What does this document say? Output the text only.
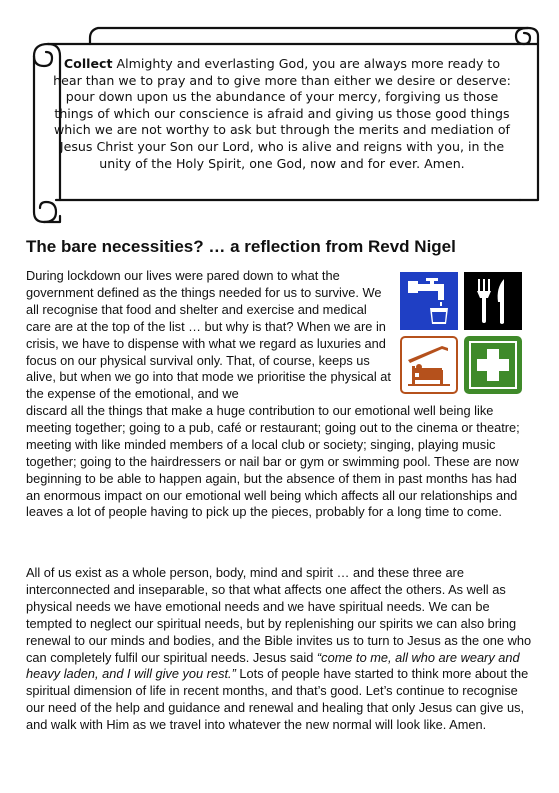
Collect Almighty and everlasting God, you are always more ready to hear than we to pray and to give more than either we desire or deserve: pour down upon us the abundance of your mercy, forgiving us those things of which our conscience is afraid and giving us those good things which we are not worthy to ask but through the merits and mediation of Jesus Christ your Son our Lord, who is alive and reigns with you, in the unity of the Holy Spirit, one God, now and for ever. Amen.

The bare necessities? … a reflection from Revd Nigel

During lockdown our lives were pared down to what the government defined as the things needed for us to survive. We all recognise that food and shelter and exercise and medical care are at the top of the list … but why is that? When we are in crisis, we have to dispense with what we regard as luxuries and focus on our physical survival only. That, of course, keeps us alive, but when we go into that mode we prioritise the physical at the expense of the emotional, and we

discard all the things that make a huge contribution to our emotional well being like meeting together; going to a pub, café or restaurant; going out to the cinema or theatre; meeting with like minded members of a local club or society; singing, playing music together; going to the hairdressers or nail bar or gym or swimming pool. These are now beginning to be able to happen again, but the absence of them in past months has had an enormous impact on our emotional well being which affects all our relationships and leaves a lot of people having to pick up the pieces, probably for a long time to come.

All of us exist as a whole person, body, mind and spirit … and these three are interconnected and inseparable, so that what affects one affect the others. As well as physical needs we have emotional needs and we have spiritual needs. We can be tempted to neglect our spiritual needs, but by replenishing our spirits we can also bring renewal to our minds and bodies, and the Bible invites us to turn to Jesus as the one who can completely fulfil our spiritual needs. Jesus said “come to me, all who are weary and heavy laden, and I will give you rest.” Lots of people have started to think more about the spiritual dimension of life in recent months, and that’s good. Let’s continue to recognise our need of the help and guidance and renewal and healing that only Jesus can give us, and walk with Him as we travel into whatever the new normal will look like. Amen.
